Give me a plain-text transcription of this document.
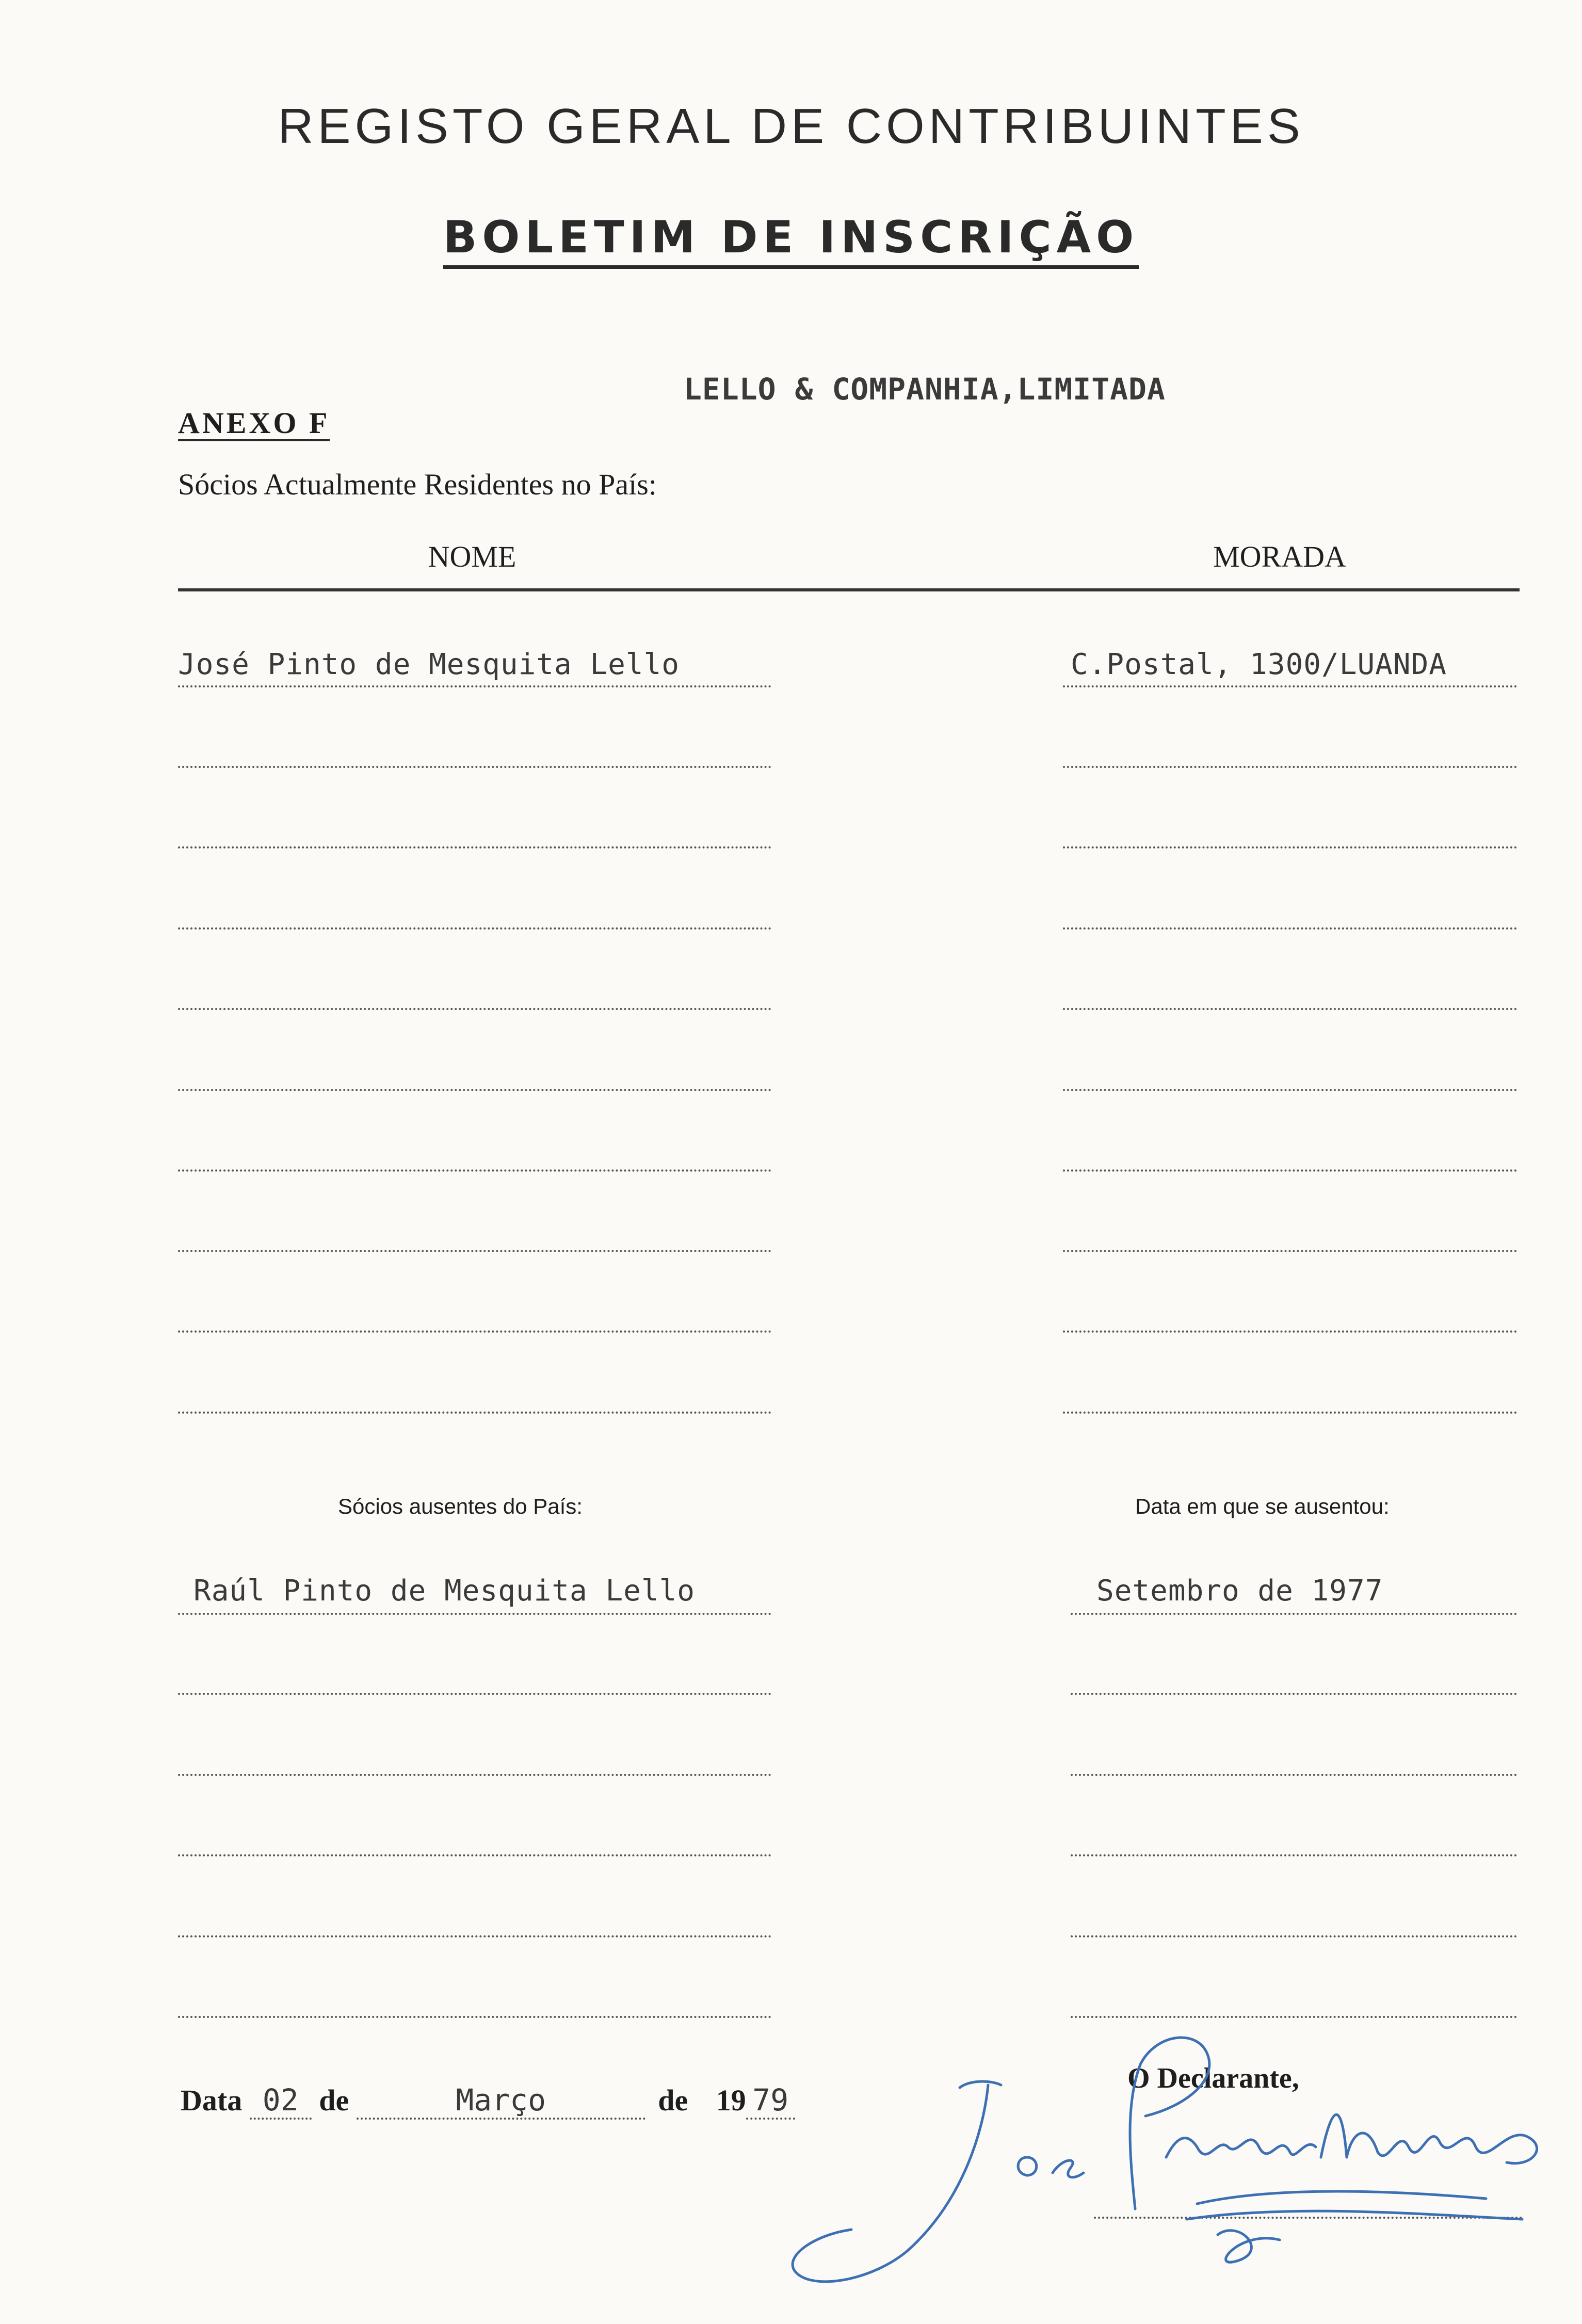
REGISTO GERAL DE CONTRIBUINTES
BOLETIM DE INSCRIÇÃO
LELLO & COMPANHIA,LIMITADA
ANEXO F
Sócios Actualmente Residentes no País:
NOME	MORADA
José Pinto de Mesquita Lello	C.Postal, 1300/LUANDA
Sócios ausentes do País:	Data em que se ausentou:
Raúl Pinto de Mesquita Lello	Setembro de 1977
Data 02 de	Março	de 19 79
O Declarante,
